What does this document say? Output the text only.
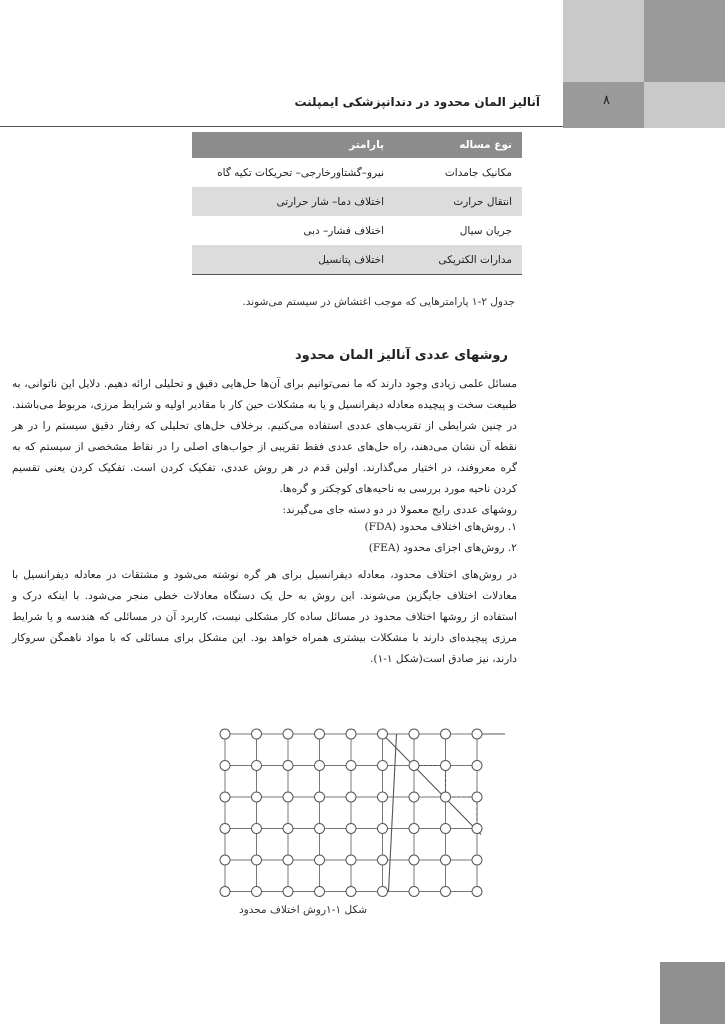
آنالیز المان محدود در دندانپزشکی ایمپلنت	۸
نوع مساله	پارامتر
مکانیک جامدات	نیرو–گشتاورخارجی– تحریکات تکیه گاه
انتقال حرارت	اختلاف دما– شار حرارتی
جریان سیال	اختلاف فشار– دبی
مدارات الکتریکی	اختلاف پتانسیل
جدول ۲-۱ پارامترهایی که موجب اغتشاش در سیستم می‌شوند.
روشهای عددی آنالیز المان محدود
مسائل علمی زیادی وجود دارند که ما نمی‌توانیم برای آن‌ها حل‌هایی دقیق و تحلیلی ارائه دهیم. دلایل این ناتوانی، به طبیعت سخت و پیچیده معادله دیفرانسیل و یا به مشکلات حین کار با مقادیر اولیه و شرایط مرزی، مربوط می‌باشند. در چنین شرایطی از تقریب‌های عددی استفاده می‌کنیم. برخلاف حل‌های تحلیلی که رفتار دقیق سیستم را در هر نقطه آن نشان می‌دهند، راه حل‌های عددی فقط تقریبی از جواب‌های اصلی را در نقاط مشخصی از سیستم که به گره معروفند، در اختیار می‌گذارند. اولین قدم در هر روش عددی، تفکیک کردن است. تفکیک کردن یعنی تقسیم کردن ناحیه مورد بررسی به ناحیه‌های کوچکتر و گره‌ها.
روشهای عددی رایج معمولا در دو دسته جای می‌گیرند:
۱. روش‌های اختلاف محدود (FDA)
۲. روش‌های اجزای محدود (FEA)
در روش‌های اختلاف محدود، معادله دیفرانسیل برای هر گره نوشته می‌شود و مشتقات در معادله دیفرانسیل با معادلات اختلاف جایگزین می‌شوند. این روش به حل یک دستگاه معادلات خطی منجر می‌شود. با اینکه درک و استفاده از روشها اختلاف محدود در مسائل ساده کار مشکلی نیست، کاربرد آن در مسائلی که هندسه و یا شرایط مرزی پیچیده‌ای دارند با مشکلات بیشتری همراه خواهد بود. این مشکل برای مسائلی که با مواد ناهمگن سروکار دارند، نیز صادق است(شکل ۱-۱).
شکل ۱-۱روش اختلاف محدود
